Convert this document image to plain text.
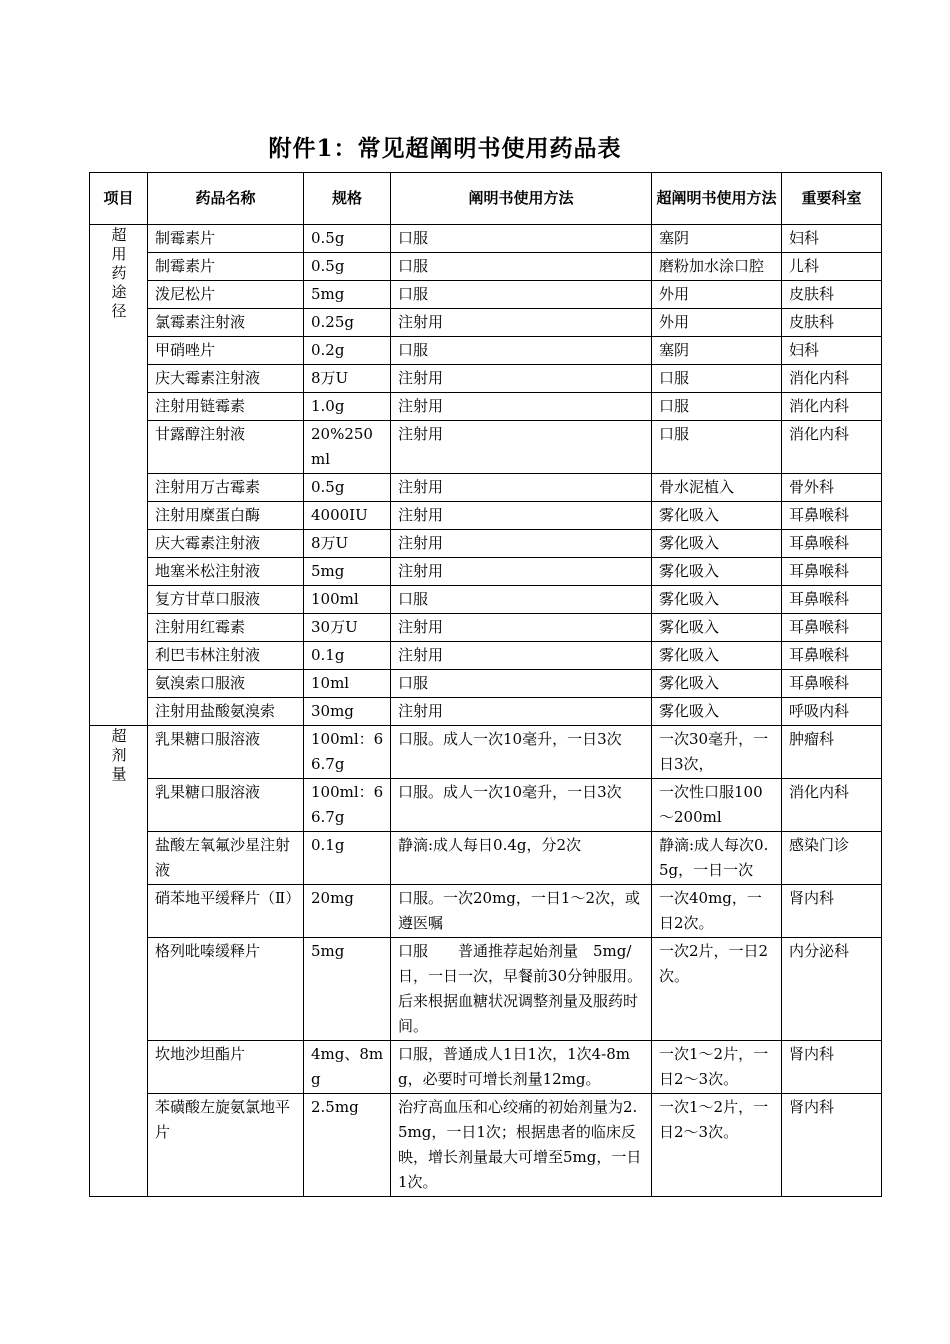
附件1：常见超阐明书使用药品表
项目	药品名称	规格	阐明书使用方法	超阐明书使用方法	重要科室
超用药途径	制霉素片	0.5g	口服	塞阴	妇科
	制霉素片	0.5g	口服	磨粉加水涂口腔	儿科
	泼尼松片	5mg	口服	外用	皮肤科
	氯霉素注射液	0.25g	注射用	外用	皮肤科
	甲硝唑片	0.2g	口服	塞阴	妇科
	庆大霉素注射液	8万U	注射用	口服	消化内科
	注射用链霉素	1.0g	注射用	口服	消化内科
	甘露醇注射液	20%250ml	注射用	口服	消化内科
	注射用万古霉素	0.5g	注射用	骨水泥植入	骨外科
	注射用糜蛋白酶	4000IU	注射用	雾化吸入	耳鼻喉科
	庆大霉素注射液	8万U	注射用	雾化吸入	耳鼻喉科
	地塞米松注射液	5mg	注射用	雾化吸入	耳鼻喉科
	复方甘草口服液	100ml	口服	雾化吸入	耳鼻喉科
	注射用红霉素	30万U	注射用	雾化吸入	耳鼻喉科
	利巴韦林注射液	0.1g	注射用	雾化吸入	耳鼻喉科
	氨溴索口服液	10ml	口服	雾化吸入	耳鼻喉科
	注射用盐酸氨溴索	30mg	注射用	雾化吸入	呼吸内科
超剂量	乳果糖口服溶液	100ml：66.7g	口服。成人一次10毫升，一日3次	一次30毫升，一日3次，	肿瘤科
	乳果糖口服溶液	100ml：66.7g	口服。成人一次10毫升，一日3次	一次性口服100～200ml	消化内科
	盐酸左氧氟沙星注射液	0.1g	静滴:成人每日0.4g，分2次	静滴:成人每次0.5g，一日一次	感染门诊
	硝苯地平缓释片（Ⅱ）	20mg	口服。一次20mg，一日1～2次，或遵医嘱	一次40mg，一日2次。	肾内科
	格列吡嗪缓释片	5mg	口服　　普通推荐起始剂量　5mg/日，一日一次，早餐前30分钟服用。后来根据血糖状况调整剂量及服药时间。	一次2片，一日2次。	内分泌科
	坎地沙坦酯片	4mg、8mg	口服，普通成人1日1次，1次4-8mg，必要时可增长剂量12mg。	一次1～2片，一日2～3次。	肾内科
	苯磺酸左旋氨氯地平片	2.5mg	治疗高血压和心绞痛的初始剂量为2.5mg，一日1次；根据患者的临床反映，增长剂量最大可增至5mg，一日1次。	一次1～2片，一日2～3次。	肾内科
